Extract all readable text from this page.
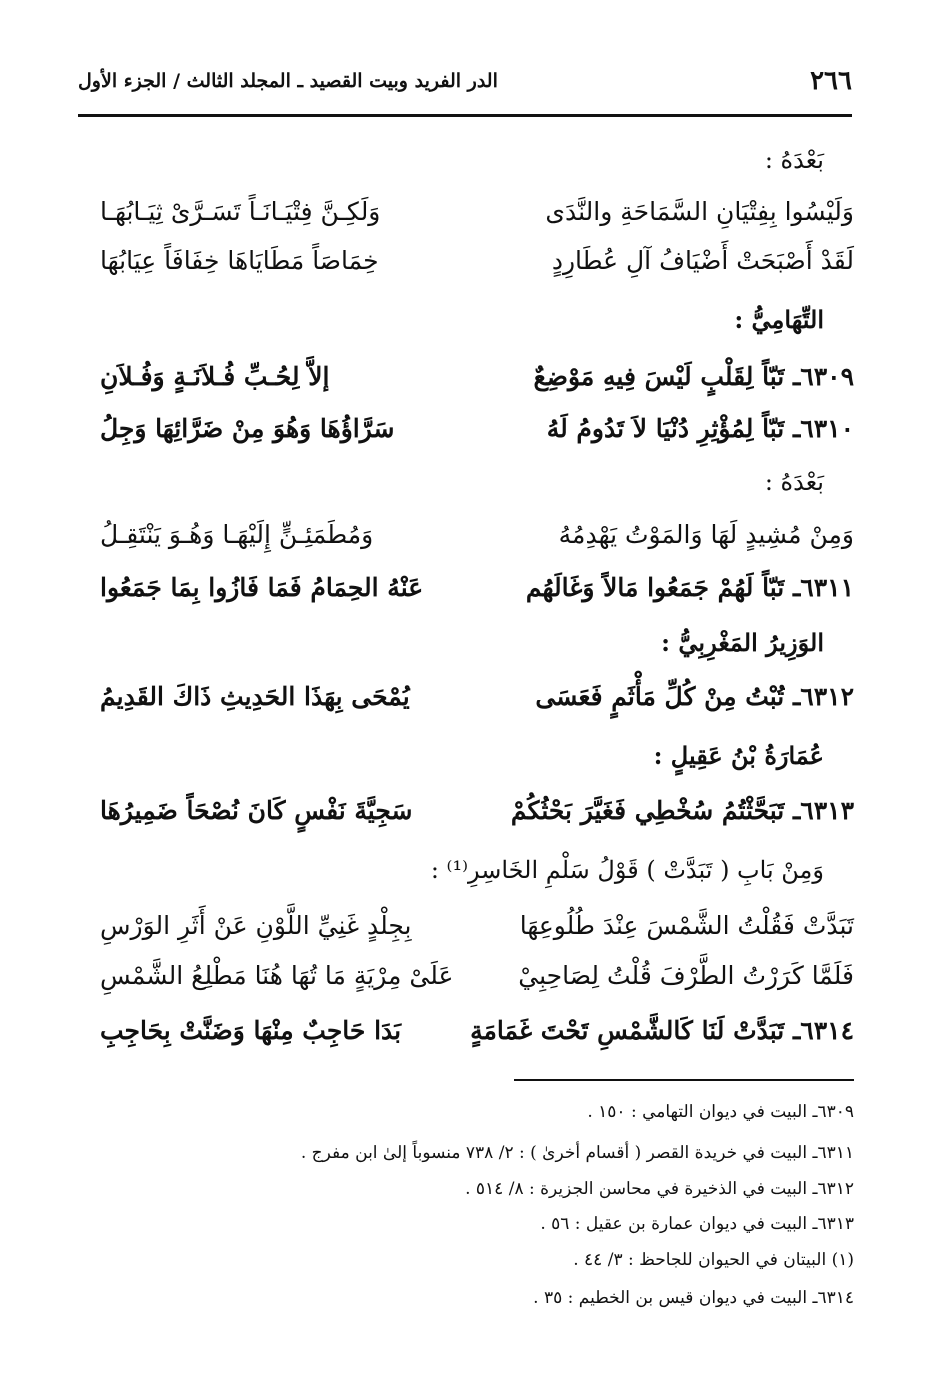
٢٦٦
الدر الفريد وبيت القصيد ـ المجلد الثالث / الجزء الأول
بَعْدَهُ :
وَلَيْسُوا بِفِتْيَانِ السَّمَاحَةِ والنَّدَى
وَلَكِـنَّ فِتْيَـانَـاً تَسَـرَّىْ ثِيَـابُهَـا
لَقَدْ أَصْبَحَتْ أَضْيَافُ آلِ عُطَارِدٍ
خِمَاصَاً مَطَايَاهَا خِفَافَاً عِيَابُهَا
التِّهَامِيُّ :
٦٣٠٩ـ تَبّاً لِقَلْبٍ لَيْسَ فِيهِ مَوْضِعٌ
إلاَّ لِحُـبِّ فُـلاَنَـةٍ وَفُـلاَنِ
٦٣١٠ـ تَبّاً لِمُؤْثِرِ دُنْيَا لاَ تَدُومُ لَهُ
سَرَّاؤُهَا وَهُوَ مِنْ ضَرَّائِهَا وَجِلُ
بَعْدَهُ :
وَمِنْ مُشِيدٍ لَهَا وَالمَوْتُ يَهْدِمُهُ
وَمُطَمَئِـنٍّ إِلَيْهَـا وَهُـوَ يَنْتَقِـلُ
٦٣١١ـ تَبّاً لَهُمْ جَمَعُوا مَالاً وَغَالَهُم
عَنْهُ الحِمَامُ فَمَا فَازُوا بِمَا جَمَعُوا
الوَزِيرُ المَغْرِبِيُّ :
٦٣١٢ـ تُبْتُ مِنْ كُلِّ مَأْثَمٍ فَعَسَى
يُمْحَى بِهَذَا الحَدِيثِ ذَاكَ القَدِيمُ
عُمَارَةُ بْنُ عَقِيلٍ :
٦٣١٣ـ تَبَحَّثْتُمُ سُخْطِي فَغَيَّرَ بَحْثُكُمْ
سَجِيَّةَ نَفْسٍ كَانَ نُصْحَاً ضَمِيرُهَا
وَمِنْ بَابِ ( تَبَدَّتْ ) قَوْلُ سَلْمِ الخَاسِرِ⁽¹⁾ :
تَبَدَّتْ فَقُلْتُ الشَّمْسَ عِنْدَ طُلُوعِهَا
بِجِلْدٍ غَنِيِّ اللَّوْنِ عَنْ أَثَرِ الوَرْسِ
فَلَمَّا كَرَرْتُ الطَّرْفَ قُلْتُ لِصَاحِبِيْ
عَلَىْ مِرْيَةٍ مَا تُهَا هُنَا مَطْلِعُ الشَّمْسِ
٦٣١٤ـ تَبَدَّتْ لَنَا كَالشَّمْسِ تَحْتَ غَمَامَةٍ
بَدَا حَاجِبٌ مِنْهَا وَضَنَّتْ بِحَاجِبِ
٦٣٠٩ـ البيت في ديوان التهامي : ١٥٠ .
٦٣١١ـ البيت في خريدة القصر ( أقسام أخرىٰ ) : ٢/ ٧٣٨ منسوباً إلىٰ ابن مفرج .
٦٣١٢ـ البيت في الذخيرة في محاسن الجزيرة : ٨/ ٥١٤ .
٦٣١٣ـ البيت في ديوان عمارة بن عقيل : ٥٦ .
(١) البيتان في الحيوان للجاحظ : ٣/ ٤٤ .
٦٣١٤ـ البيت في ديوان قيس بن الخطيم : ٣٥ .
